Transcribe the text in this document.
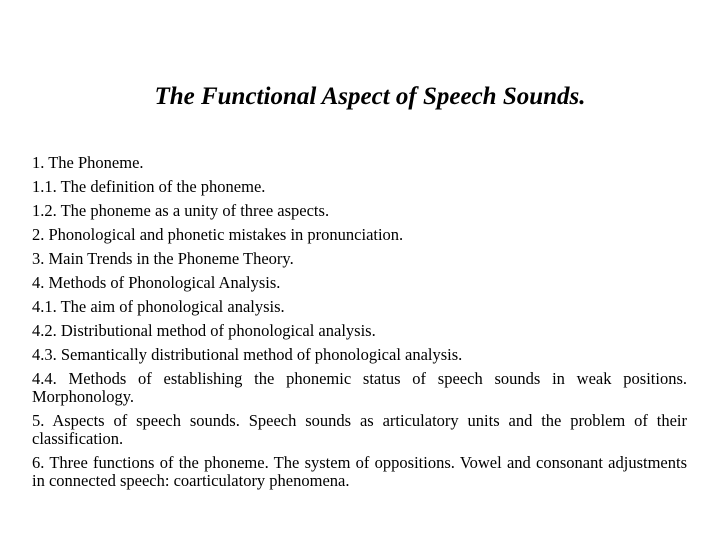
The Functional Aspect of Speech Sounds.
1. The Phoneme.
1.1. The definition of the phoneme.
1.2. The phoneme as a unity of three aspects.
2. Phonological and phonetic mistakes in pronunciation.
3. Main Trends in the Phoneme Theory.
4. Methods of Phonological Analysis.
4.1. The aim of phonological analysis.
4.2. Distributional method of phonological analysis.
4.3. Semantically distributional method of phonological analysis.
4.4. Methods of establishing the phonemic status of speech sounds in weak positions. Morphonology.
5. Aspects of speech sounds. Speech sounds as articulatory units and the problem of their classification.
6. Three functions of the phoneme. The system of oppositions. Vowel and consonant adjustments in connected speech: coarticulatory phenomena.
